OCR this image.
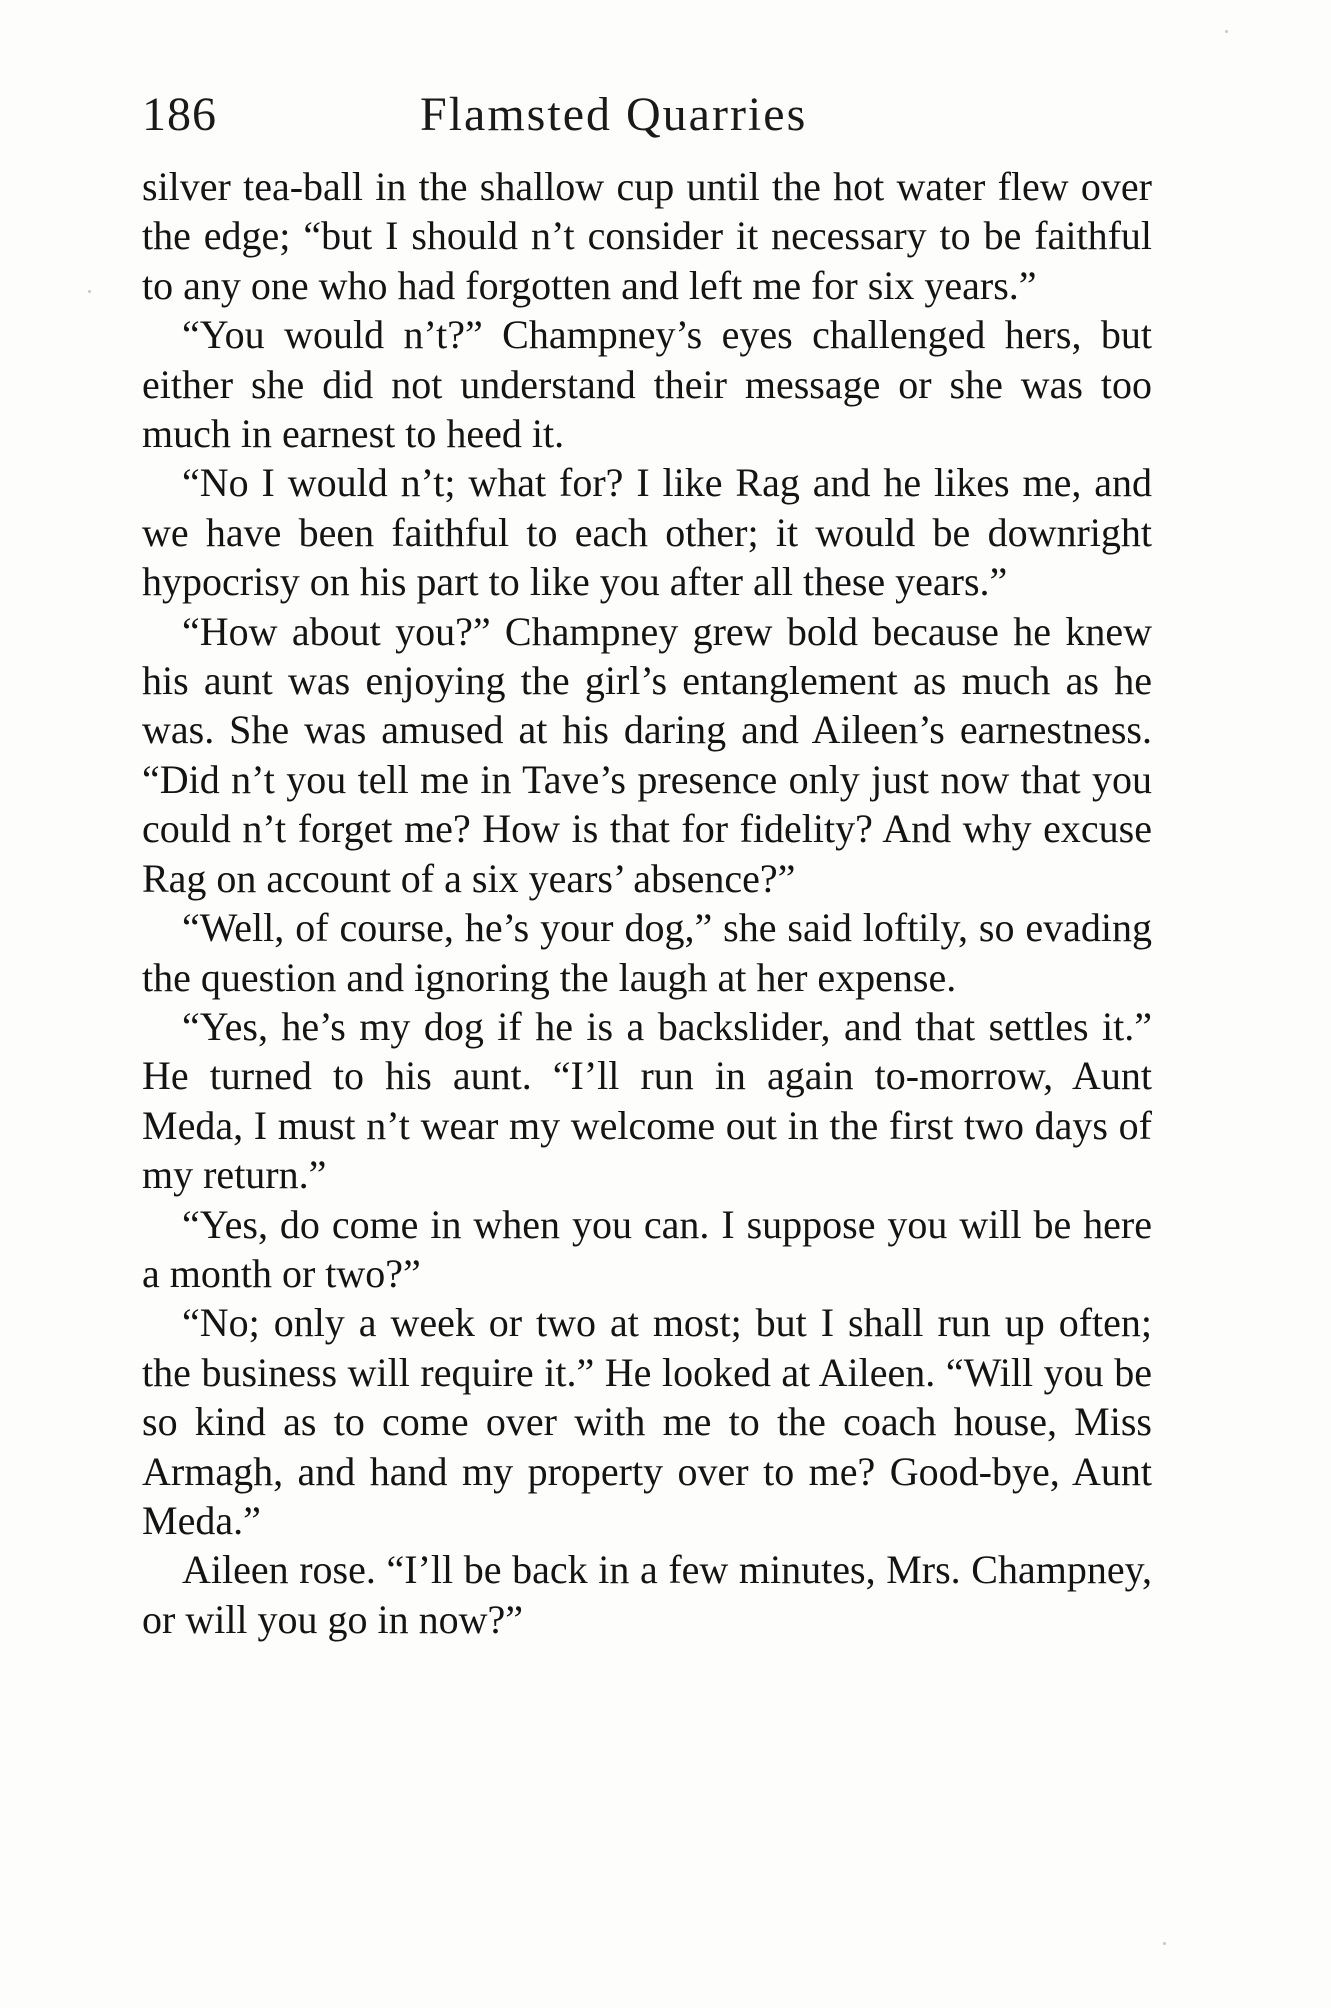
186	Flamsted Quarries

silver tea-ball in the shallow cup until the hot water flew over the edge; “but I should n’t consider it necessary to be faithful to any one who had forgotten and left me for six years.”

“You would n’t?” Champney’s eyes challenged hers, but either she did not understand their message or she was too much in earnest to heed it.

“No I would n’t; what for? I like Rag and he likes me, and we have been faithful to each other; it would be downright hypocrisy on his part to like you after all these years.”

“How about you?” Champney grew bold because he knew his aunt was enjoying the girl’s entanglement as much as he was. She was amused at his daring and Aileen’s earnestness. “Did n’t you tell me in Tave’s presence only just now that you could n’t forget me? How is that for fidelity? And why excuse Rag on account of a six years’ absence?”

“Well, of course, he’s your dog,” she said loftily, so evading the question and ignoring the laugh at her expense.

“Yes, he’s my dog if he is a backslider, and that settles it.” He turned to his aunt. “I’ll run in again to-morrow, Aunt Meda, I must n’t wear my welcome out in the first two days of my return.”

“Yes, do come in when you can. I suppose you will be here a month or two?”

“No; only a week or two at most; but I shall run up often; the business will require it.” He looked at Aileen. “Will you be so kind as to come over with me to the coach house, Miss Armagh, and hand my property over to me? Good-bye, Aunt Meda.”

Aileen rose. “I’ll be back in a few minutes, Mrs. Champney, or will you go in now?”
